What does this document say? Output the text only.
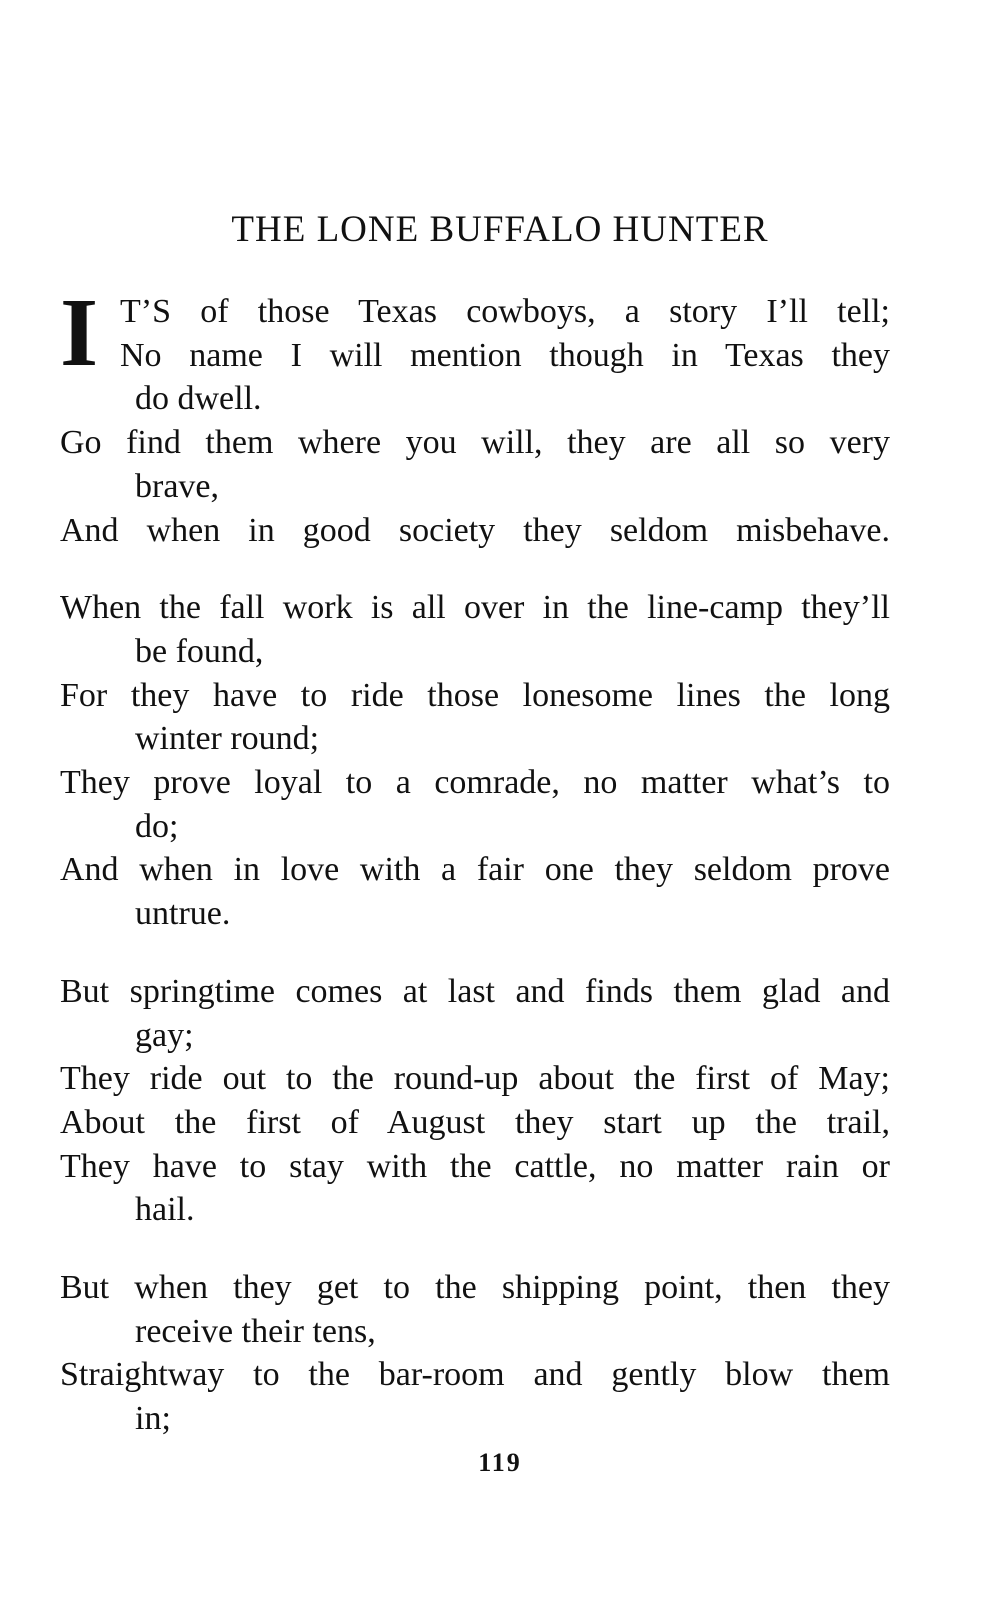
THE LONE BUFFALO HUNTER
I T’S of those Texas cowboys, a story I’ll tell;
No name I will mention though in Texas they
do dwell.
Go find them where you will, they are all so very
brave,
And when in good society they seldom misbehave.
When the fall work is all over in the line-camp they’ll
be found,
For they have to ride those lonesome lines the long
winter round;
They prove loyal to a comrade, no matter what’s to
do;
And when in love with a fair one they seldom prove
untrue.
But springtime comes at last and finds them glad and
gay;
They ride out to the round-up about the first of May;
About the first of August they start up the trail,
They have to stay with the cattle, no matter rain or
hail.
But when they get to the shipping point, then they
receive their tens,
Straightway to the bar-room and gently blow them
in;
119
